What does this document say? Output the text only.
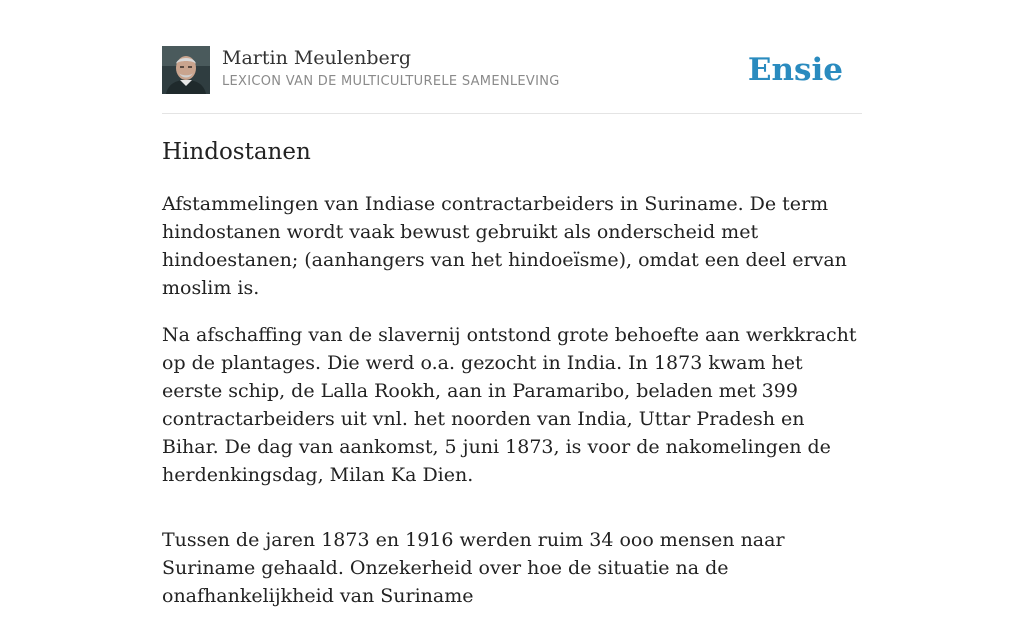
Martin Meulenberg
LEXICON VAN DE MULTICULTURELE SAMENLEVING	Ensie
Hindostanen

Afstammelingen van Indiase contractarbeiders in Suriname. De term hindostanen wordt vaak bewust gebruikt als onderscheid met hindoestanen; (aanhangers van het hindoeïsme), omdat een deel ervan moslim is.

Na afschaffing van de slavernij ontstond grote behoefte aan werkkracht op de plantages. Die werd o.a. gezocht in India. In 1873 kwam het eerste schip, de Lalla Rookh, aan in Paramaribo, beladen met 399 contractarbeiders uit vnl. het noorden van India, Uttar Pradesh en Bihar. De dag van aankomst, 5 juni 1873, is voor de nakomelingen de herdenkingsdag, Milan Ka Dien.

Tussen de jaren 1873 en 1916 werden ruim 34 ooo mensen naar Suriname gehaald. Onzekerheid over hoe de situatie na de onafhankelijkheid van Suriname
